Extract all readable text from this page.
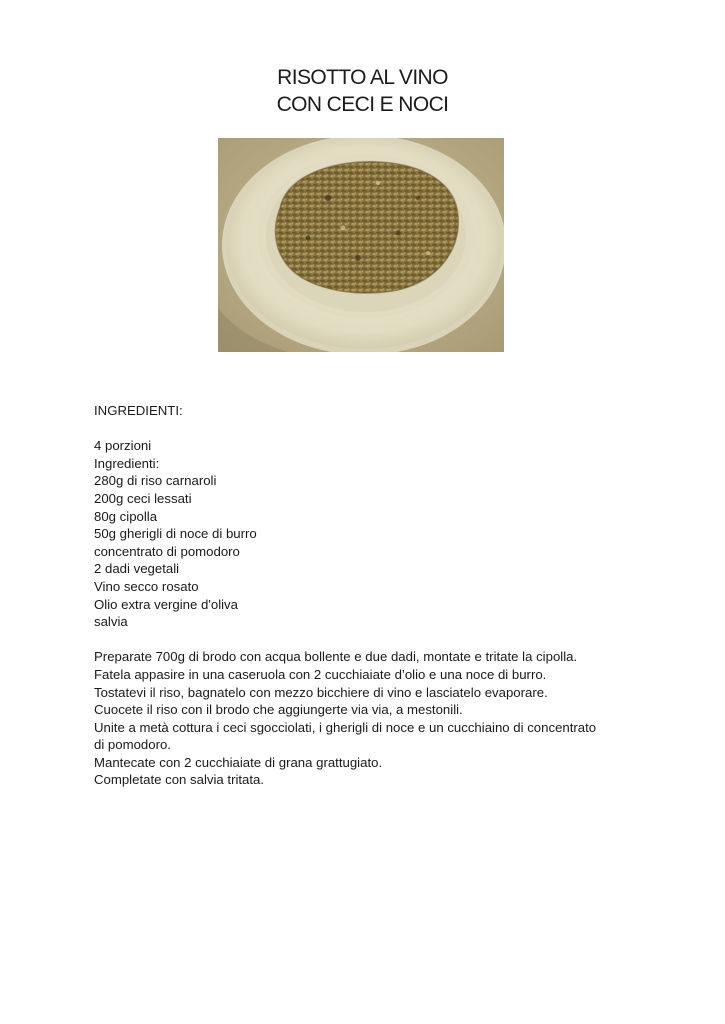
RISOTTO AL VINO
CON CECI E NOCI
INGREDIENTI:
4 porzioni
Ingredienti:
280g di riso carnaroli
200g ceci lessati
80g cipolla
50g gherigli di noce di burro
concentrato di pomodoro
2 dadi vegetali
Vino secco rosato
Olio extra vergine d'oliva
salvia
Preparate 700g di brodo con acqua bollente e due dadi, montate e tritate la cipolla.
Fatela appasire in una caseruola con 2 cucchiaiate d’olio e una noce di burro.
Tostatevi il riso, bagnatelo con mezzo bicchiere di vino e lasciatelo evaporare.
Cuocete il riso con il brodo che aggiungerte via via, a mestonili.
Unite a metà cottura i ceci sgocciolati, i gherigli di noce e un cucchiaino di concentrato
di pomodoro.
Mantecate con 2 cucchiaiate di grana grattugiato.
Completate con salvia tritata.
